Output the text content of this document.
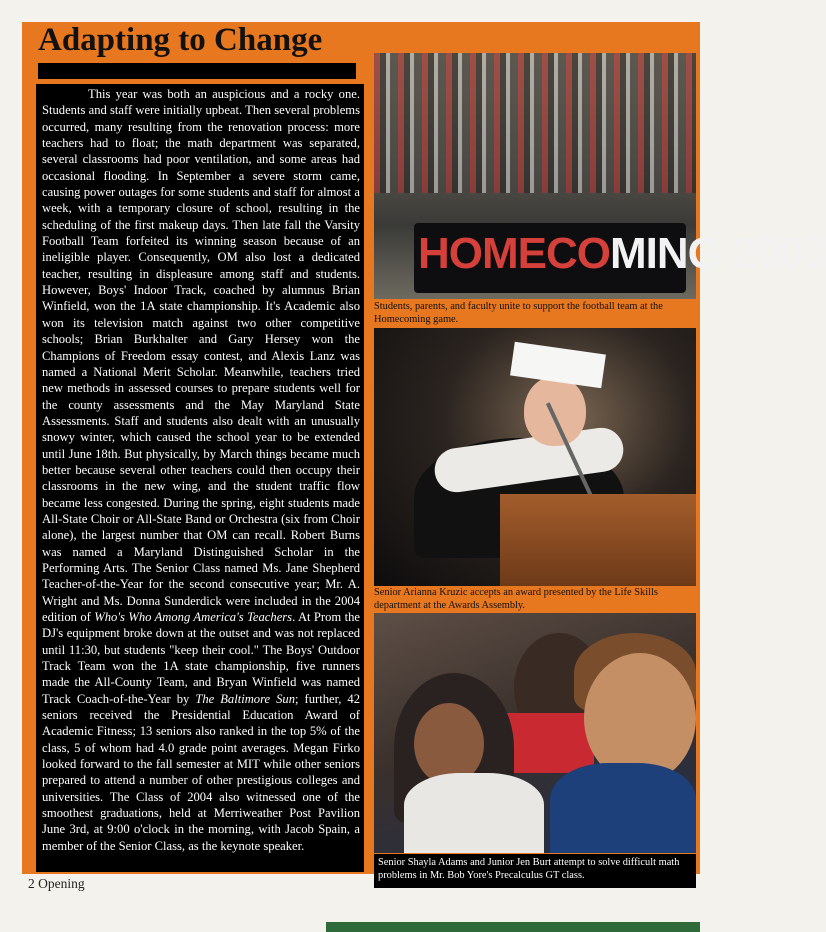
Adapting to Change

This year was both an auspicious and a rocky one. Students and staff were initially upbeat. Then several problems occurred, many resulting from the renovation process: more teachers had to float; the math department was separated, several classrooms had poor ventilation, and some areas had occasional flooding. In September a severe storm came, causing power outages for some students and staff for almost a week, with a temporary closure of school, resulting in the scheduling of the first makeup days. Then late fall the Varsity Football Team forfeited its winning season because of an ineligible player. Consequently, OM also lost a dedicated teacher, resulting in displeasure among staff and students. However, Boys' Indoor Track, coached by alumnus Brian Winfield, won the 1A state championship. It's Academic also won its television match against two other competitive schools; Brian Burkhalter and Gary Hersey won the Champions of Freedom essay contest, and Alexis Lanz was named a National Merit Scholar. Meanwhile, teachers tried new methods in assessed courses to prepare students well for the county assessments and the May Maryland State Assessments. Staff and students also dealt with an unusually snowy winter, which caused the school year to be extended until June 18th. But physically, by March things became much better because several other teachers could then occupy their classrooms in the new wing, and the student traffic flow became less congested. During the spring, eight students made All-State Choir or All-State Band or Orchestra (six from Choir alone), the largest number that OM can recall. Robert Burns was named a Maryland Distinguished Scholar in the Performing Arts. The Senior Class named Ms. Jane Shepherd Teacher-of-the-Year for the second consecutive year; Mr. A. Wright and Ms. Donna Sunderdick were included in the 2004 edition of Who's Who Among America's Teachers. At Prom the DJ's equipment broke down at the outset and was not replaced until 11:30, but students "keep their cool." The Boys' Outdoor Track Team won the 1A state championship, five runners made the All-County Team, and Bryan Winfield was named Track Coach-of-the-Year by The Baltimore Sun; further, 42 seniors received the Presidential Education Award of Academic Fitness; 13 seniors also ranked in the top 5% of the class, 5 of whom had 4.0 grade point averages. Megan Firko looked forward to the fall semester at MIT while other seniors prepared to attend a number of other prestigious colleges and universities. The Class of 2004 also witnessed one of the smoothest graduations, held at Merriweather Post Pavilion June 3rd, at 9:00 o'clock in the morning, with Jacob Spain, a member of the Senior Class, as the keynote speaker.

HOMECOMING 2003
Students, parents, and faculty unite to support the football team at the Homecoming game.
Senior Arianna Kruzic accepts an award presented by the Life Skills department at the Awards Assembly.
Senior Shayla Adams and Junior Jen Burt attempt to solve difficult math problems in Mr. Bob Yore's Precalculus GT class.
2 Opening
